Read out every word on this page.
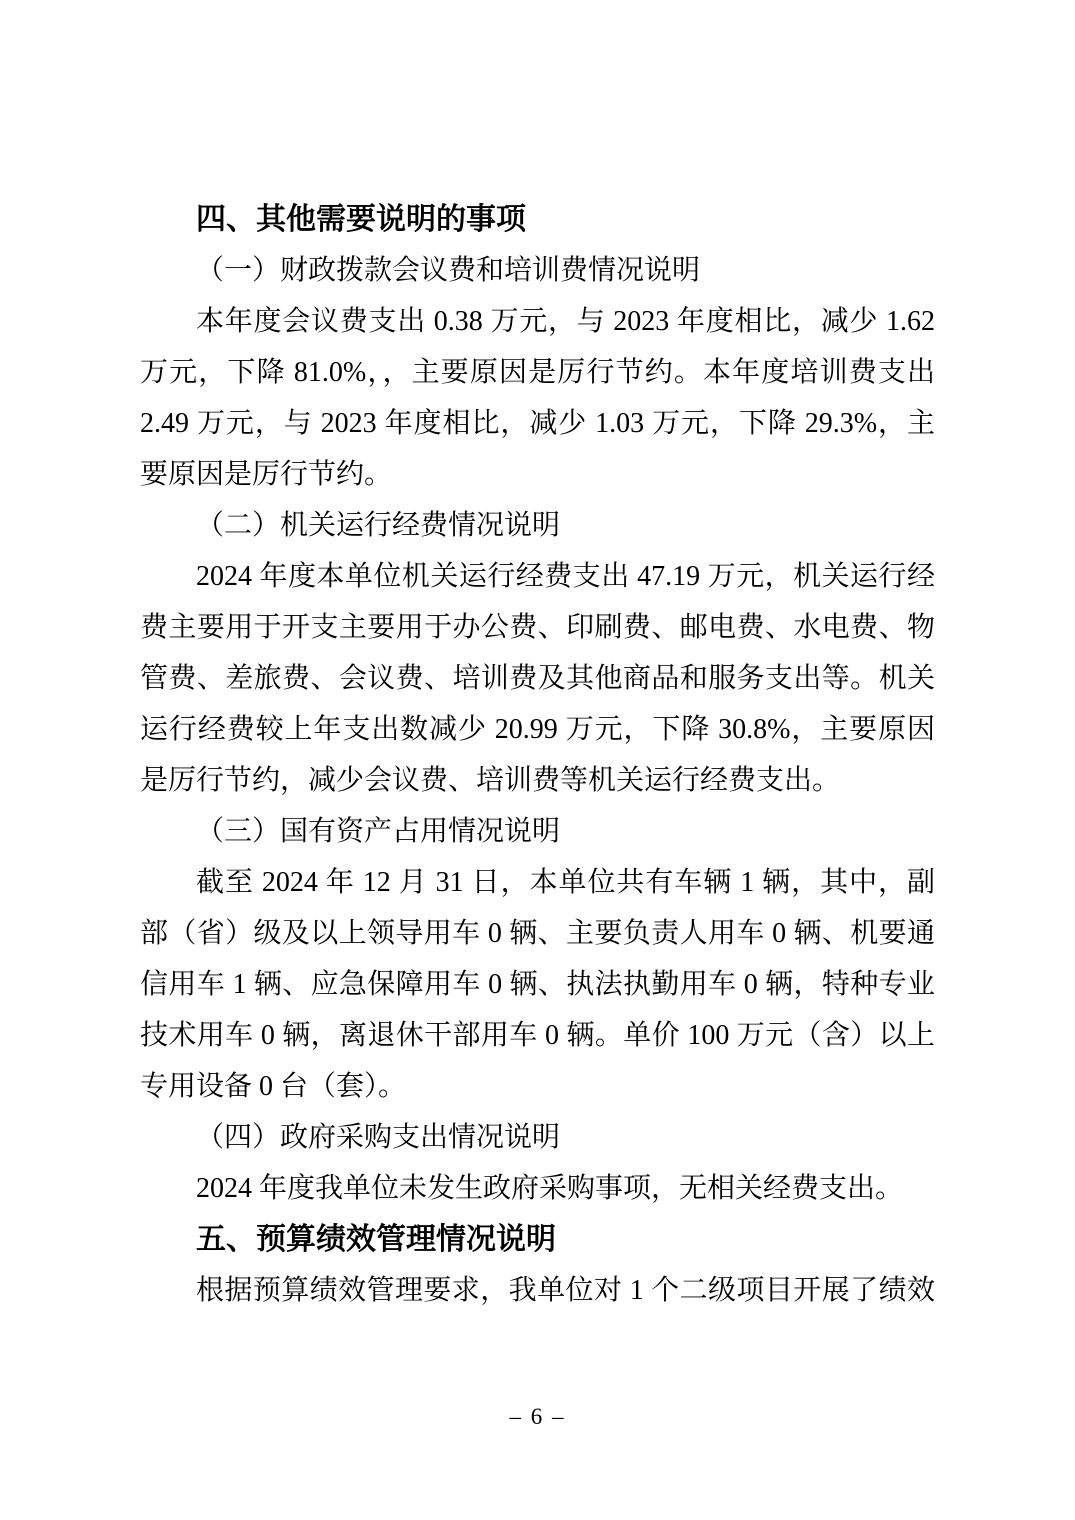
四、其他需要说明的事项
（一）财政拨款会议费和培训费情况说明
本年度会议费支出 0.38 万元，与 2023 年度相比，减少 1.62
万元，下降 81.0%，，主要原因是厉行节约。本年度培训费支出
2.49 万元，与 2023 年度相比，减少 1.03 万元，下降 29.3%，主
要原因是厉行节约。
（二）机关运行经费情况说明
2024 年度本单位机关运行经费支出 47.19 万元，机关运行经
费主要用于开支主要用于办公费、印刷费、邮电费、水电费、物
管费、差旅费、会议费、培训费及其他商品和服务支出等。机关
运行经费较上年支出数减少 20.99 万元，下降 30.8%，主要原因
是厉行节约，减少会议费、培训费等机关运行经费支出。
（三）国有资产占用情况说明
截至 2024 年 12 月 31 日，本单位共有车辆 1 辆，其中，副
部（省）级及以上领导用车 0 辆、主要负责人用车 0 辆、机要通
信用车 1 辆、应急保障用车 0 辆、执法执勤用车 0 辆，特种专业
技术用车 0 辆，离退休干部用车 0 辆。单价 100 万元（含）以上
专用设备 0 台（套）。
（四）政府采购支出情况说明
2024 年度我单位未发生政府采购事项，无相关经费支出。
五、预算绩效管理情况说明
根据预算绩效管理要求，我单位对 1 个二级项目开展了绩效
– 6 –
